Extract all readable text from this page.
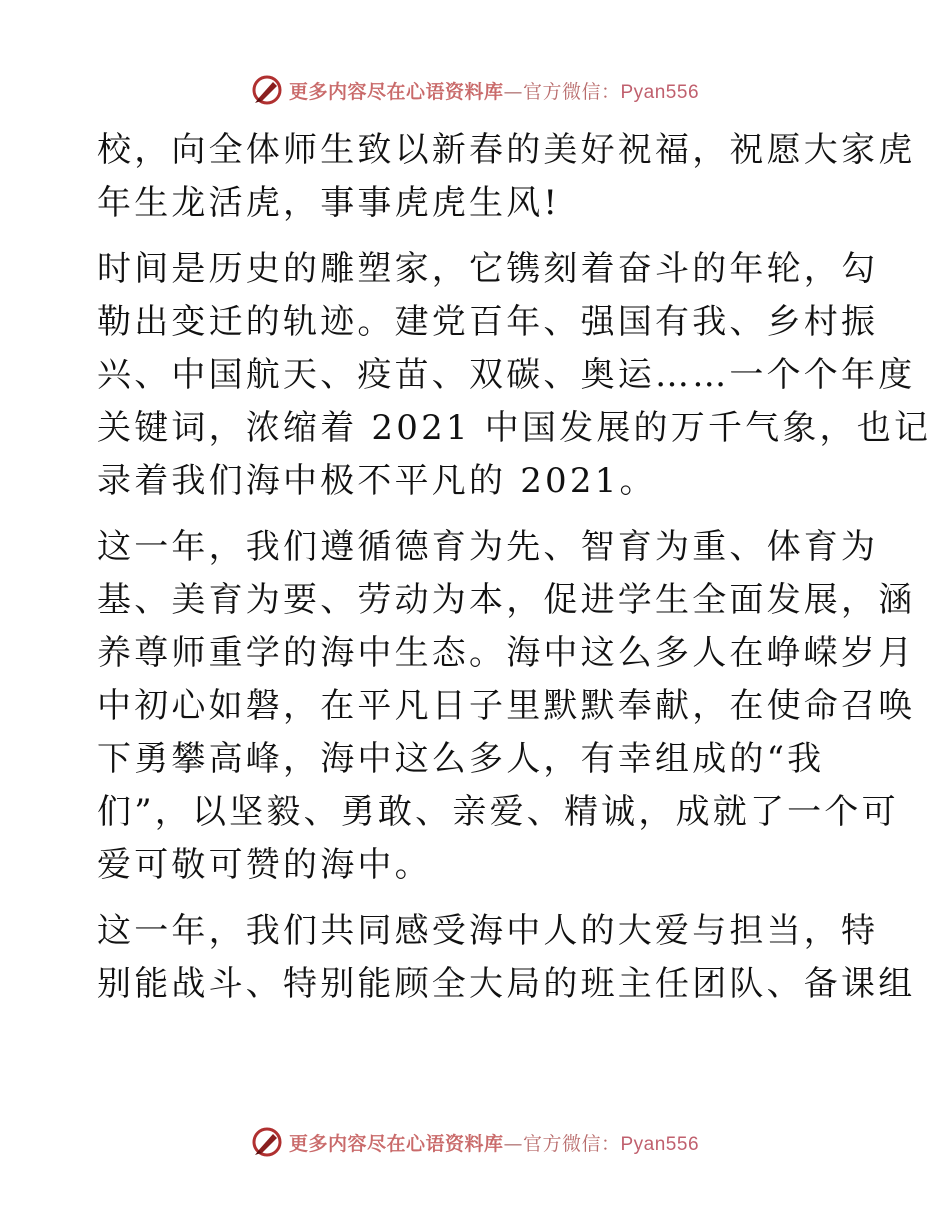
更多内容尽在心语资料库—官方微信：Pyan556

校，向全体师生致以新春的美好祝福，祝愿大家虎
年生龙活虎，事事虎虎生风!

时间是历史的雕塑家，它镌刻着奋斗的年轮，勾
勒出变迁的轨迹。建党百年、强国有我、乡村振
兴、中国航天、疫苗、双碳、奥运……一个个年度
关键词，浓缩着 2021 中国发展的万千气象，也记
录着我们海中极不平凡的 2021。

这一年，我们遵循德育为先、智育为重、体育为
基、美育为要、劳动为本，促进学生全面发展，涵
养尊师重学的海中生态。海中这么多人在峥嵘岁月
中初心如磐，在平凡日子里默默奉献，在使命召唤
下勇攀高峰，海中这么多人，有幸组成的“我
们”，以坚毅、勇敢、亲爱、精诚，成就了一个可
爱可敬可赞的海中。

这一年，我们共同感受海中人的大爱与担当，特
别能战斗、特别能顾全大局的班主任团队、备课组

更多内容尽在心语资料库—官方微信：Pyan556
